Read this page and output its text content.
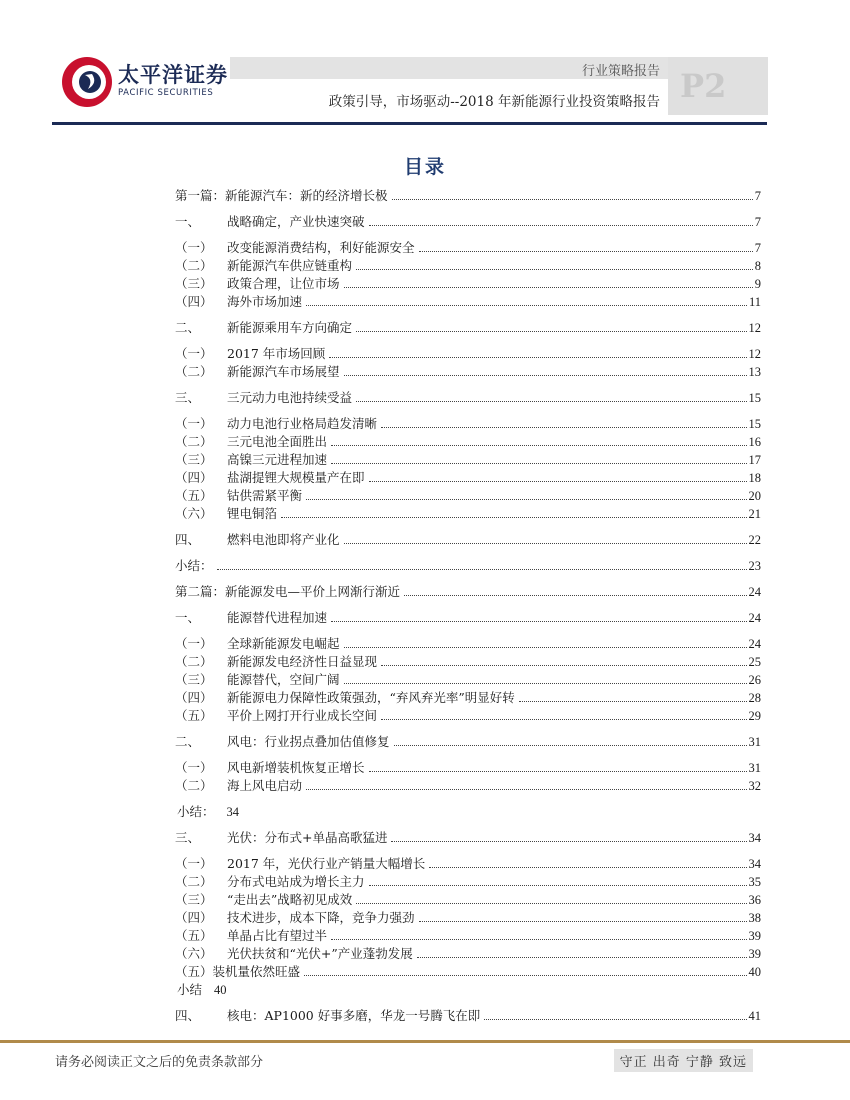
太平洋证券
PACIFIC SECURITIES
行业策略报告
政策引导，市场驱动--2018 年新能源行业投资策略报告 P2
目录
第一篇：新能源汽车：新的经济增长极	7
一、	战略确定，产业快速突破	7
（一）	改变能源消费结构，利好能源安全	7
（二）	新能源汽车供应链重构	8
（三）	政策合理，让位市场	9
（四）	海外市场加速	11
二、	新能源乘用车方向确定	12
（一）	2017 年市场回顾	12
（二）	新能源汽车市场展望	13
三、	三元动力电池持续受益	15
（一）	动力电池行业格局趋发清晰	15
（二）	三元电池全面胜出	16
（三）	高镍三元进程加速	17
（四）	盐湖提锂大规模量产在即	18
（五）	钴供需紧平衡	20
（六）	锂电铜箔	21
四、	燃料电池即将产业化	22
小结：	23
第二篇：新能源发电—平价上网渐行渐近	24
一、	能源替代进程加速	24
（一）	全球新能源发电崛起	24
（二）	新能源发电经济性日益显现	25
（三）	能源替代，空间广阔	26
（四）	新能源电力保障性政策强劲，“弃风弃光率”明显好转	28
（五）	平价上网打开行业成长空间	29
二、	风电：行业拐点叠加估值修复	31
（一）	风电新增装机恢复正增长	31
（二）	海上风电启动	32
小结： 34
三、	光伏：分布式+单晶高歌猛进	34
（一）	2017 年，光伏行业产销量大幅增长	34
（二）	分布式电站成为增长主力	35
（三）	“走出去”战略初见成效	36
（四）	技术进步，成本下降，竞争力强劲	38
（五）	单晶占比有望过半	39
（六）	光伏扶贫和“光伏+”产业蓬勃发展	39
（五）装机量依然旺盛	40
小结 40
四、	核电：AP1000 好事多磨，华龙一号腾飞在即	41
请务必阅读正文之后的免责条款部分	守正 出奇 宁静 致远
